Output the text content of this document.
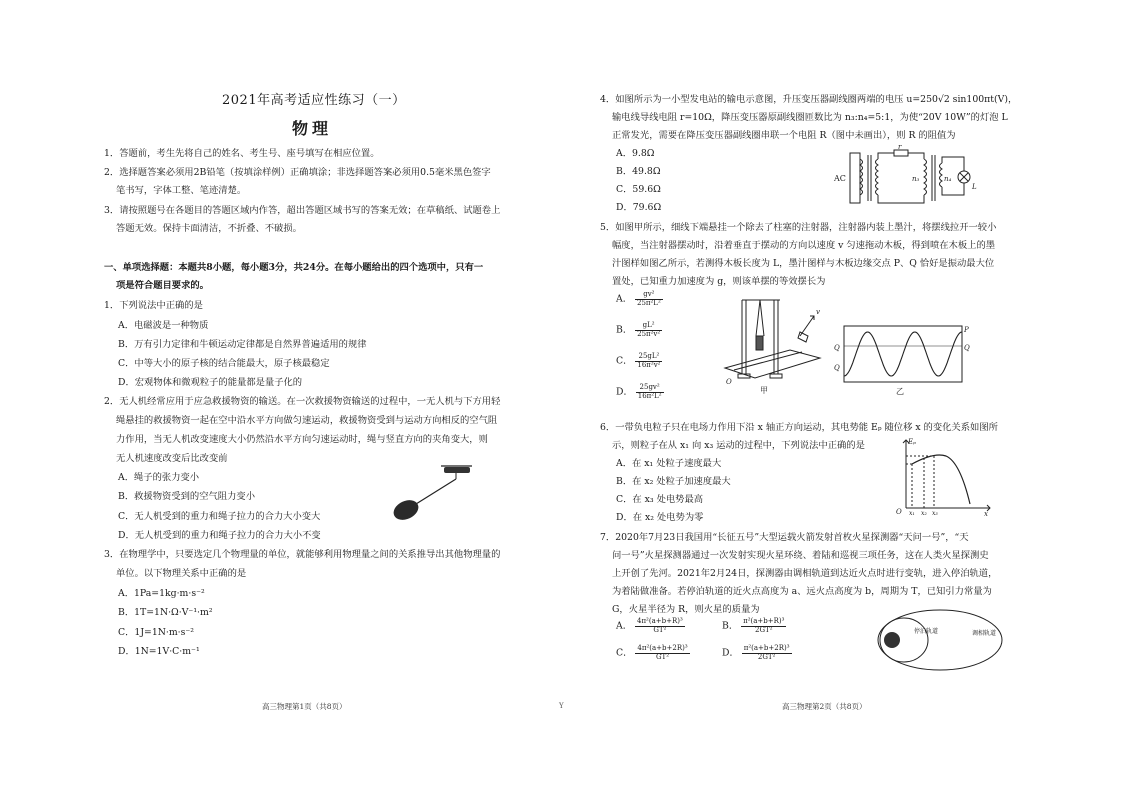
2021年高考适应性练习（一）
物理
1．答题前，考生先将自己的姓名、考生号、座号填写在相应位置。
2．选择题答案必须用2B铅笔（按填涂样例）正确填涂；非选择题答案必须用0.5毫米黑色签字
笔书写，字体工整、笔迹清楚。
3．请按照题号在各题目的答题区域内作答，超出答题区域书写的答案无效；在草稿纸、试题卷上
答题无效。保持卡面清洁，不折叠、不破损。
一、单项选择题：本题共8小题，每小题3分，共24分。在每小题给出的四个选项中，只有一
项是符合题目要求的。
1．下列说法中正确的是
A．电磁波是一种物质
B．万有引力定律和牛顿运动定律都是自然界普遍适用的规律
C．中等大小的原子核的结合能最大，原子核最稳定
D．宏观物体和微观粒子的能量都是量子化的
2．无人机经常应用于应急救援物资的输送。在一次救援物资输送的过程中，一无人机与下方用轻
绳悬挂的救援物资一起在空中沿水平方向做匀速运动，救援物资受到与运动方向相反的空气阻
力作用，当无人机改变速度大小仍然沿水平方向匀速运动时，绳与竖直方向的夹角变大，则
无人机速度改变后比改变前
A．绳子的张力变小
B．救援物资受到的空气阻力变小
C．无人机受到的重力和绳子拉力的合力大小变大
D．无人机受到的重力和绳子拉力的合力大小不变
3．在物理学中，只要选定几个物理量的单位，就能够利用物理量之间的关系推导出其他物理量的
单位。以下物理关系中正确的是
A．1Pa=1kg·m·s⁻²
B．1T=1N·Ω·V⁻¹·m²
C．1J=1N·m·s⁻²
D．1N=1V·C·m⁻¹
高三物理第1页（共8页）	Y
4．如图所示为一小型发电站的输电示意图，升压变压器副线圈两端的电压 u=250√2 sin100πt(V)，
输电线导线电阻 r=10Ω，降压变压器原副线圈匝数比为 n₃:n₄=5:1，为使“20V 10W”的灯泡 L
正常发光，需要在降压变压器副线圈串联一个电阻 R（图中未画出），则 R 的阻值为
A．9.8Ω
B．49.8Ω
C．59.6Ω
D．79.6Ω
AC
r
n₃	n₄
L
5．如图甲所示，细线下端悬挂一个除去了柱塞的注射器，注射器内装上墨汁，将摆线拉开一较小
幅度，当注射器摆动时，沿着垂直于摆动的方向以速度 v 匀速拖动木板，得到喷在木板上的墨
汁图样如图乙所示，若测得木板长度为 L，墨汁图样与木板边缘交点 P、Q 恰好是振动最大位
置处，已知重力加速度为 g，则该单摆的等效摆长为
A． $\frac{\text{gv²}}{\text{25π²L²}}$
B． $\frac{\text{gL²}}{\text{25π²v²}}$
C． $\frac{\text{25gL²}}{\text{16π²v²}}$
D． $\frac{\text{25gv²}}{\text{16π²L²}}$
v
O
甲
Q
Q
P
Q
乙
6．一带负电粒子只在电场力作用下沿 x 轴正方向运动，其电势能 Eₚ 随位移 x 的变化关系如图所
示，则粒子在从 x₁ 向 x₃ 运动的过程中，下列说法中正确的是
A．在 x₁ 处粒子速度最大
B．在 x₂ 处粒子加速度最大
C．在 x₃ 处电势最高
D．在 x₂ 处电势为零
Eₚ
O x₁ x₂ x₃	x
7．2020年7月23日我国用“长征五号”大型运载火箭发射首枚火星探测器“天问一号”，“天
问一号”火星探测器通过一次发射实现火星环绕、着陆和巡视三项任务，这在人类火星探测史
上开创了先河。2021年2月24日，探测器由调相轨道到达近火点时进行变轨，进入停泊轨道，
为着陆做准备。若停泊轨道的近火点高度为 a、远火点高度为 b，周期为 T，已知引力常量为
G，火星半径为 R，则火星的质量为
A． $\frac{\text{4π²(a+b+R)³}}{\text{GT²}}$	B． $\frac{\text{π²(a+b+R)³}}{\text{2GT²}}$
C． $\frac{\text{4π²(a+b+2R)³}}{\text{GT²}}$	D． $\frac{\text{π²(a+b+2R)³}}{\text{2GT²}}$
停泊轨道	调相轨道
高三物理第2页（共8页）
